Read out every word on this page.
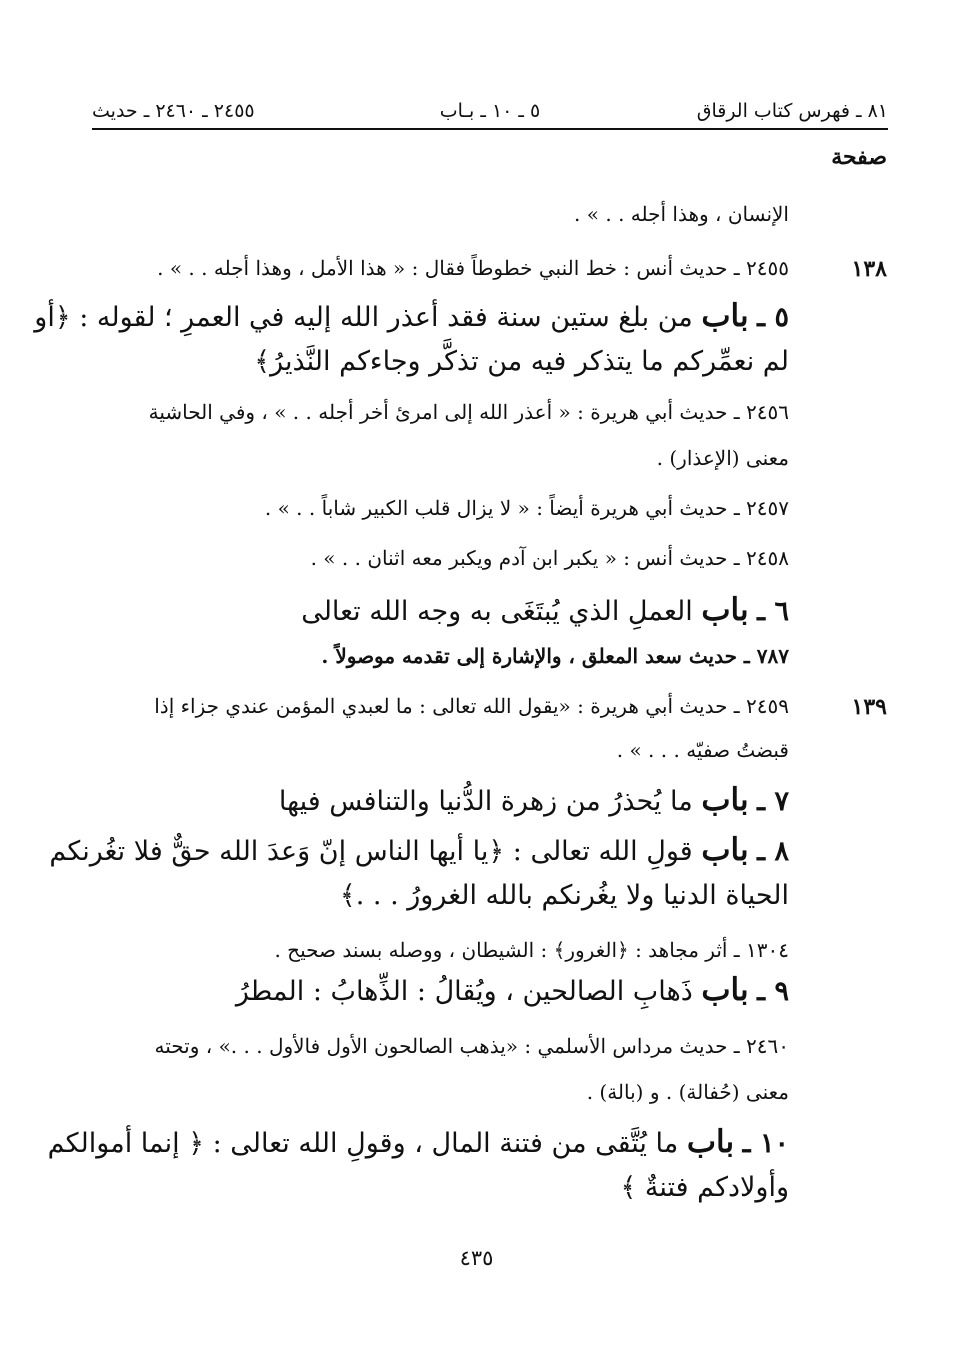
٨١ ـ فهرس كتاب الرقاق
٥ ـ ١٠ ـ بـاب
٢٤٥٥ ـ ٢٤٦٠ ـ حديث
صفحة
الإنسان ، وهذا أجله . . » .
١٣٨
٢٤٥٥ ـ حديث أنس : خط النبي خطوطاً فقال : « هذا الأمل ، وهذا أجله . . » .
٥ ـ باب من بلغ ستين سنة فقد أعذر الله إليه في العمرِ ؛ لقوله : ﴿أو
لم نعمِّركم ما يتذكر فيه من تذكَّر وجاءكم النَّذيرُ﴾
٢٤٥٦ ـ حديث أبي هريرة : « أعذر الله إلى امرئ أخر أجله . . » ، وفي الحاشية
معنى (الإعذار) .
٢٤٥٧ ـ حديث أبي هريرة أيضاً : « لا يزال قلب الكبير شاباً . . » .
٢٤٥٨ ـ حديث أنس : « يكبر ابن آدم ويكبر معه اثنان . . » .
٦ ـ باب العملِ الذي يُبتَغَى به وجه الله تعالى
٧٨٧ ـ حديث سعد المعلق ، والإشارة إلى تقدمه موصولاً .
١٣٩
٢٤٥٩ ـ حديث أبي هريرة : «يقول الله تعالى : ما لعبدي المؤمن عندي جزاء إذا
قبضتُ صفيّه . . . » .
٧ ـ باب ما يُحذرُ من زهرة الدُّنيا والتنافس فيها
٨ ـ باب قولِ الله تعالى : ﴿يا أيها الناس إنّ وَعدَ الله حقٌّ فلا تغُرنكم
الحياة الدنيا ولا يغُرنكم بالله الغرورُ . . .﴾
١٣٠٤ ـ أثر مجاهد : ﴿الغرور﴾ : الشيطان ، ووصله بسند صحيح .
٩ ـ باب ذَهابِ الصالحين ، ويُقالُ : الذِّهابُ : المطرُ
٢٤٦٠ ـ حديث مرداس الأسلمي : «يذهب الصالحون الأول فالأول . . .» ، وتحته
معنى (حُفالة) . و (بالة) .
١٠ ـ باب ما يُتَّقى من فتنة المال ، وقولِ الله تعالى : ﴿ إنما أموالكم
وأولادكم فتنةٌ ﴾
٤٣٥
